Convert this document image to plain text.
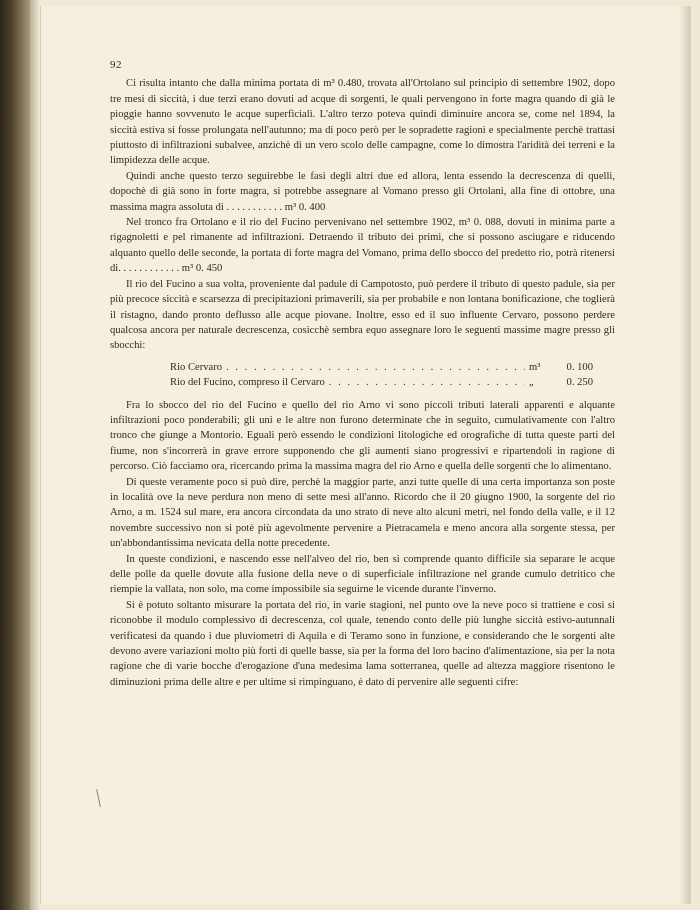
92

Ci risulta intanto che dalla minima portata di m³ 0.480, trovata all'Ortolano sul principio di settembre 1902, dopo tre mesi di siccità, i due terzi erano dovuti ad acque di sorgenti, le quali pervengono in forte magra quando di già le pioggie hanno sovvenuto le acque superficiali. L'altro terzo poteva quindi diminuire ancora se, come nel 1894, la siccità estiva si fosse prolungata nell'autunno; ma di poco però per le sopradette ragioni e specialmente perchè trattasi piuttosto di infiltrazioni subalvee, anzichè di un vero scolo delle campagne, come lo dimostra l'aridità dei terreni e la limpidezza delle acque.

Quindi anche questo terzo seguirebbe le fasi degli altri due ed allora, lenta essendo la decrescenza di quelli, dopochè di già sono in forte magra, si potrebbe assegnare al Vomano presso gli Ortolani, alla fine di ottobre, una massima magra assoluta di . . . . . . . . . . . m³ 0. 400

Nel tronco fra Ortolano e il rio del Fucino pervenivano nel settembre 1902, m³ 0. 088, dovuti in minima parte a rigagnoletti e pel rimanente ad infiltrazioni. Detraendo il tributo dei primi, che si possono asciugare e riducendo alquanto quello delle seconde, la portata di forte magra del Vomano, prima dello sbocco del predetto rio, potrà ritenersi di. . . . . . . . . . . . m³ 0. 450

Il rio del Fucino a sua volta, proveniente dal padule di Campotosto, può perdere il tributo di questo padule, sia per più precoce siccità e scarsezza di precipitazioni primaverili, sia per probabile e non lontana bonificazione, che toglierà il ristagno, dando pronto deflusso alle acque piovane. Inoltre, esso ed il suo influente Cervaro, possono perdere qualcosa ancora per naturale decrescenza, cosicchè sembra equo assegnare loro le seguenti massime magre presso gli sbocchi:

Rio Cervaro . . .	m³	0. 100
Rio del Fucino, compreso il Cervaro . . .	„	0. 250

Fra lo sbocco del rio del Fucino e quello del rio Arno vi sono piccoli tributi laterali apparenti e alquante infiltrazioni poco ponderabili; gli uni e le altre non furono determinate che in seguito, cumulativamente con l'altro tronco che giunge a Montorio. Eguali però essendo le condizioni litologiche ed orografiche di tutta queste parti del fiume, non s'incorrerà in grave errore supponendo che gli aumenti siano progressivi e ripartendoli in ragione di percorso. Ciò facciamo ora, ricercando prima la massima magra del rio Arno e quella delle sorgenti che lo alimentano.

Di queste veramente poco si può dire, perchè la maggior parte, anzi tutte quelle di una certa importanza son poste in località ove la neve perdura non meno di sette mesi all'anno. Ricordo che il 20 giugno 1900, la sorgente del rio Arno, a m. 1524 sul mare, era ancora circondata da uno strato di neve alto alcuni metri, nel fondo della valle, e il 12 novembre successivo non si potè più agevolmente pervenire a Pietracamela e meno ancora alla sorgente stessa, per un'abbondantissima nevicata della notte precedente.

In queste condizioni, e nascendo esse nell'alveo del rio, ben si comprende quanto difficile sia separare le acque delle polle da quelle dovute alla fusione della neve o di superficiale infiltrazione nel grande cumulo detritico che riempie la vallata, non solo, ma come impossibile sia seguirne le vicende durante l'inverno.

Si è potuto soltanto misurare la portata del rio, in varie stagioni, nel punto ove la neve poco si trattiene e così si riconobbe il modulo complessivo di decrescenza, col quale, tenendo conto delle più lunghe siccità estivo-autunnali verificatesi da quando i due pluviometri di Aquila e di Teramo sono in funzione, e considerando che le sorgenti alte devono avere variazioni molto più forti di quelle basse, sia per la forma del loro bacino d'alimentazione, sia per la nota ragione che di varie bocche d'erogazione d'una medesima lama sotterranea, quelle ad altezza maggiore risentono le diminuzioni prima delle altre e per ultime si rimpinguano, è dato di pervenire alle seguenti cifre:
